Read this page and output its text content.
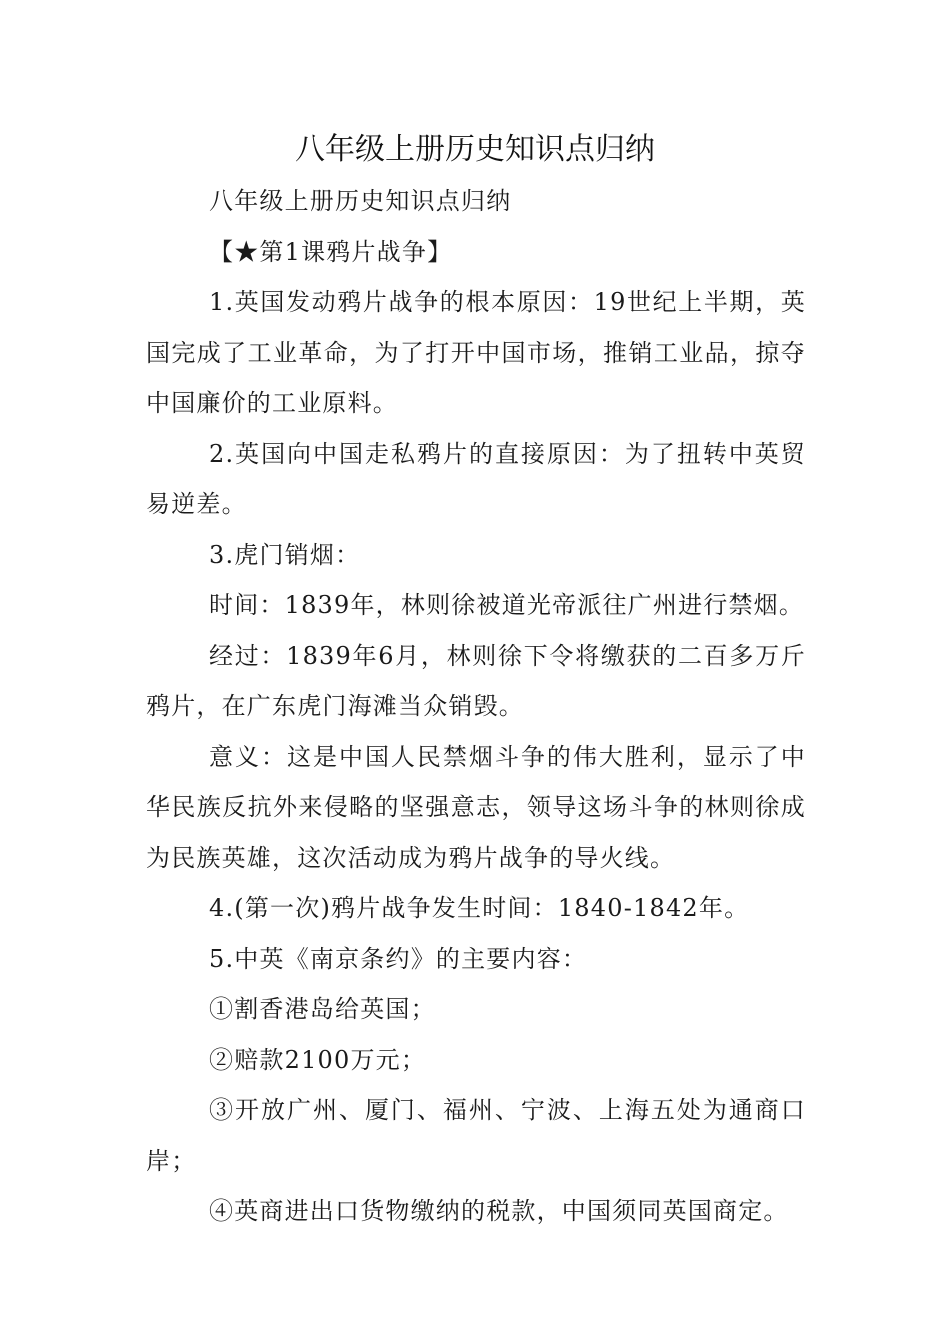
八年级上册历史知识点归纳

八年级上册历史知识点归纳

【★第1课鸦片战争】

1.英国发动鸦片战争的根本原因：19世纪上半期，英国完成了工业革命，为了打开中国市场，推销工业品，掠夺中国廉价的工业原料。

2.英国向中国走私鸦片的直接原因：为了扭转中英贸易逆差。

3.虎门销烟：

时间：1839年，林则徐被道光帝派往广州进行禁烟。

经过：1839年6月，林则徐下令将缴获的二百多万斤鸦片，在广东虎门海滩当众销毁。

意义：这是中国人民禁烟斗争的伟大胜利，显示了中华民族反抗外来侵略的坚强意志，领导这场斗争的林则徐成为民族英雄，这次活动成为鸦片战争的导火线。

4.(第一次)鸦片战争发生时间：1840-1842年。

5.中英《南京条约》的主要内容：

①割香港岛给英国；

②赔款2100万元；

③开放广州、厦门、福州、宁波、上海五处为通商口岸；

④英商进出口货物缴纳的税款，中国须同英国商定。
